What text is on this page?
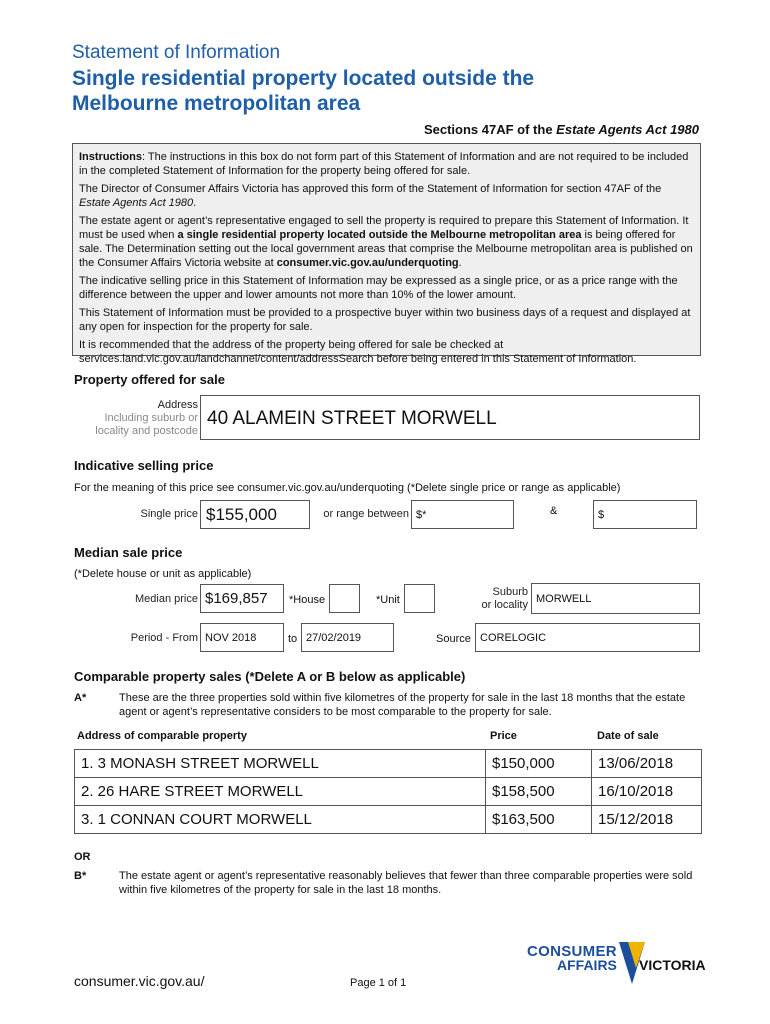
Statement of Information
Single residential property located outside the
Melbourne metropolitan area
Sections 47AF of the Estate Agents Act 1980

Instructions: The instructions in this box do not form part of this Statement of Information and are not required to be included in the completed Statement of Information for the property being offered for sale.

The Director of Consumer Affairs Victoria has approved this form of the Statement of Information for section 47AF of the Estate Agents Act 1980.

The estate agent or agent’s representative engaged to sell the property is required to prepare this Statement of Information. It must be used when a single residential property located outside the Melbourne metropolitan area is being offered for sale. The Determination setting out the local government areas that comprise the Melbourne metropolitan area is published on the Consumer Affairs Victoria website at consumer.vic.gov.au/underquoting.

The indicative selling price in this Statement of Information may be expressed as a single price, or as a price range with the difference between the upper and lower amounts not more than 10% of the lower amount.

This Statement of Information must be provided to a prospective buyer within two business days of a request and displayed at any open for inspection for the property for sale.

It is recommended that the address of the property being offered for sale be checked at services.land.vic.gov.au/landchannel/content/addressSearch before being entered in this Statement of Information.

Property offered for sale
Address
Including suburb or
locality and postcode
40 ALAMEIN STREET MORWELL
Indicative selling price
For the meaning of this price see consumer.vic.gov.au/underquoting (*Delete single price or range as applicable)
Single price $155,000	or range between $*	&	$
Median sale price
(*Delete house or unit as applicable)
Median price $169,857	*House	*Unit
Suburb
or locality MORWELL
Period - From NOV 2018	to 27/02/2019	Source CORELOGIC
Comparable property sales (*Delete A or B below as applicable)
A*	These are the three properties sold within five kilometres of the property for sale in the last 18 months that the estate agent or agent’s representative considers to be most comparable to the property for sale.
Address of comparable property	Price	Date of sale
1. 3 MONASH STREET MORWELL	$150,000	13/06/2018
2. 26 HARE STREET MORWELL	$158,500	16/10/2018
3. 1 CONNAN COURT MORWELL	$163,500	15/12/2018
OR
B*	The estate agent or agent’s representative reasonably believes that fewer than three comparable properties were sold within five kilometres of the property for sale in the last 18 months.
consumer.vic.gov.au/	Page 1 of 1
CONSUMER
AFFAIRS VICTORIA
